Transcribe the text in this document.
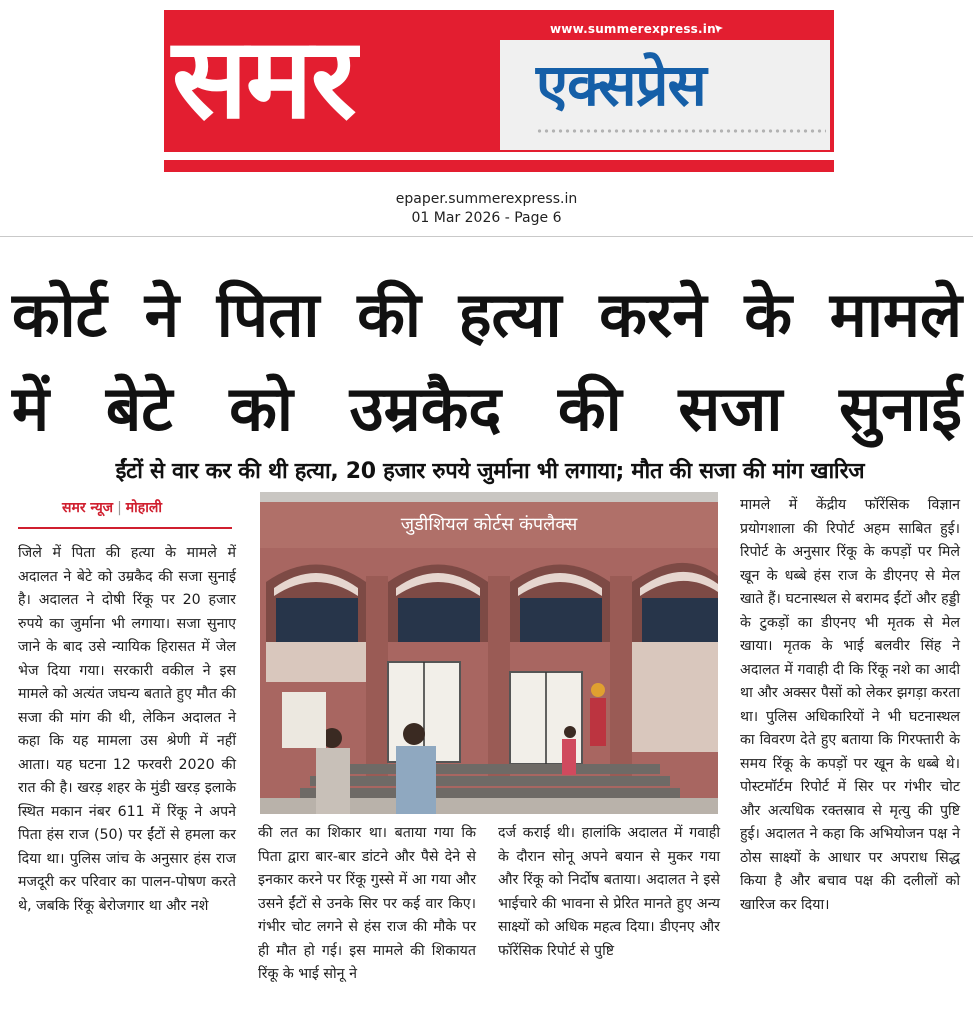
समर	www.summerexpress.in
एक्सप्रेस
epaper.summerexpress.in
01 Mar 2026 - Page 6
कोर्ट ने पिता की हत्या करने के मामले
में बेटे को उम्रकैद की सजा सुनाई
ईंटों से वार कर की थी हत्या, 20 हजार रुपये जुर्माना भी लगाया; मौत की सजा की मांग खारिज
समर न्यूज | मोहाली
जुडीशियल कोर्टस कंपलैक्स

जिले में पिता की हत्या के मामले में अदालत ने बेटे को उम्रकैद की सजा सुनाई है। अदालत ने दोषी रिंकू पर 20 हजार रुपये का जुर्माना भी लगाया। सजा सुनाए जाने के बाद उसे न्यायिक हिरासत में जेल भेज दिया गया। सरकारी वकील ने इस मामले को अत्यंत जघन्य बताते हुए मौत की सजा की मांग की थी, लेकिन अदालत ने कहा कि यह मामला उस श्रेणी में नहीं आता। यह घटना 12 फरवरी 2020 की रात की है। खरड़ शहर के मुंडी खरड़ इलाके स्थित मकान नंबर 611 में रिंकू ने अपने पिता हंस राज (50) पर ईंटों से हमला कर दिया था। पुलिस जांच के अनुसार हंस राज मजदूरी कर परिवार का पालन-पोषण करते थे, जबकि रिंकू बेरोजगार था और नशे

की लत का शिकार था। बताया गया कि पिता द्वारा बार-बार डांटने और पैसे देने से इनकार करने पर रिंकू गुस्से में आ गया और उसने ईंटों से उनके सिर पर कई वार किए। गंभीर चोट लगने से हंस राज की मौके पर ही मौत हो गई। इस मामले की शिकायत रिंकू के भाई सोनू ने

दर्ज कराई थी। हालांकि अदालत में गवाही के दौरान सोनू अपने बयान से मुकर गया और रिंकू को निर्दोष बताया। अदालत ने इसे भाईचारे की भावना से प्रेरित मानते हुए अन्य साक्ष्यों को अधिक महत्व दिया। डीएनए और फॉरेंसिक रिपोर्ट से पुष्टि

मामले में केंद्रीय फॉरेंसिक विज्ञान प्रयोगशाला की रिपोर्ट अहम साबित हुई। रिपोर्ट के अनुसार रिंकू के कपड़ों पर मिले खून के धब्बे हंस राज के डीएनए से मेल खाते हैं। घटनास्थल से बरामद ईंटों और हड्डी के टुकड़ों का डीएनए भी मृतक से मेल खाया। मृतक के भाई बलवीर सिंह ने अदालत में गवाही दी कि रिंकू नशे का आदी था और अक्सर पैसों को लेकर झगड़ा करता था। पुलिस अधिकारियों ने भी घटनास्थल का विवरण देते हुए बताया कि गिरफ्तारी के समय रिंकू के कपड़ों पर खून के धब्बे थे। पोस्टमॉर्टम रिपोर्ट में सिर पर गंभीर चोट और अत्यधिक रक्तस्राव से मृत्यु की पुष्टि हुई। अदालत ने कहा कि अभियोजन पक्ष ने ठोस साक्ष्यों के आधार पर अपराध सिद्ध किया है और बचाव पक्ष की दलीलों को खारिज कर दिया।
